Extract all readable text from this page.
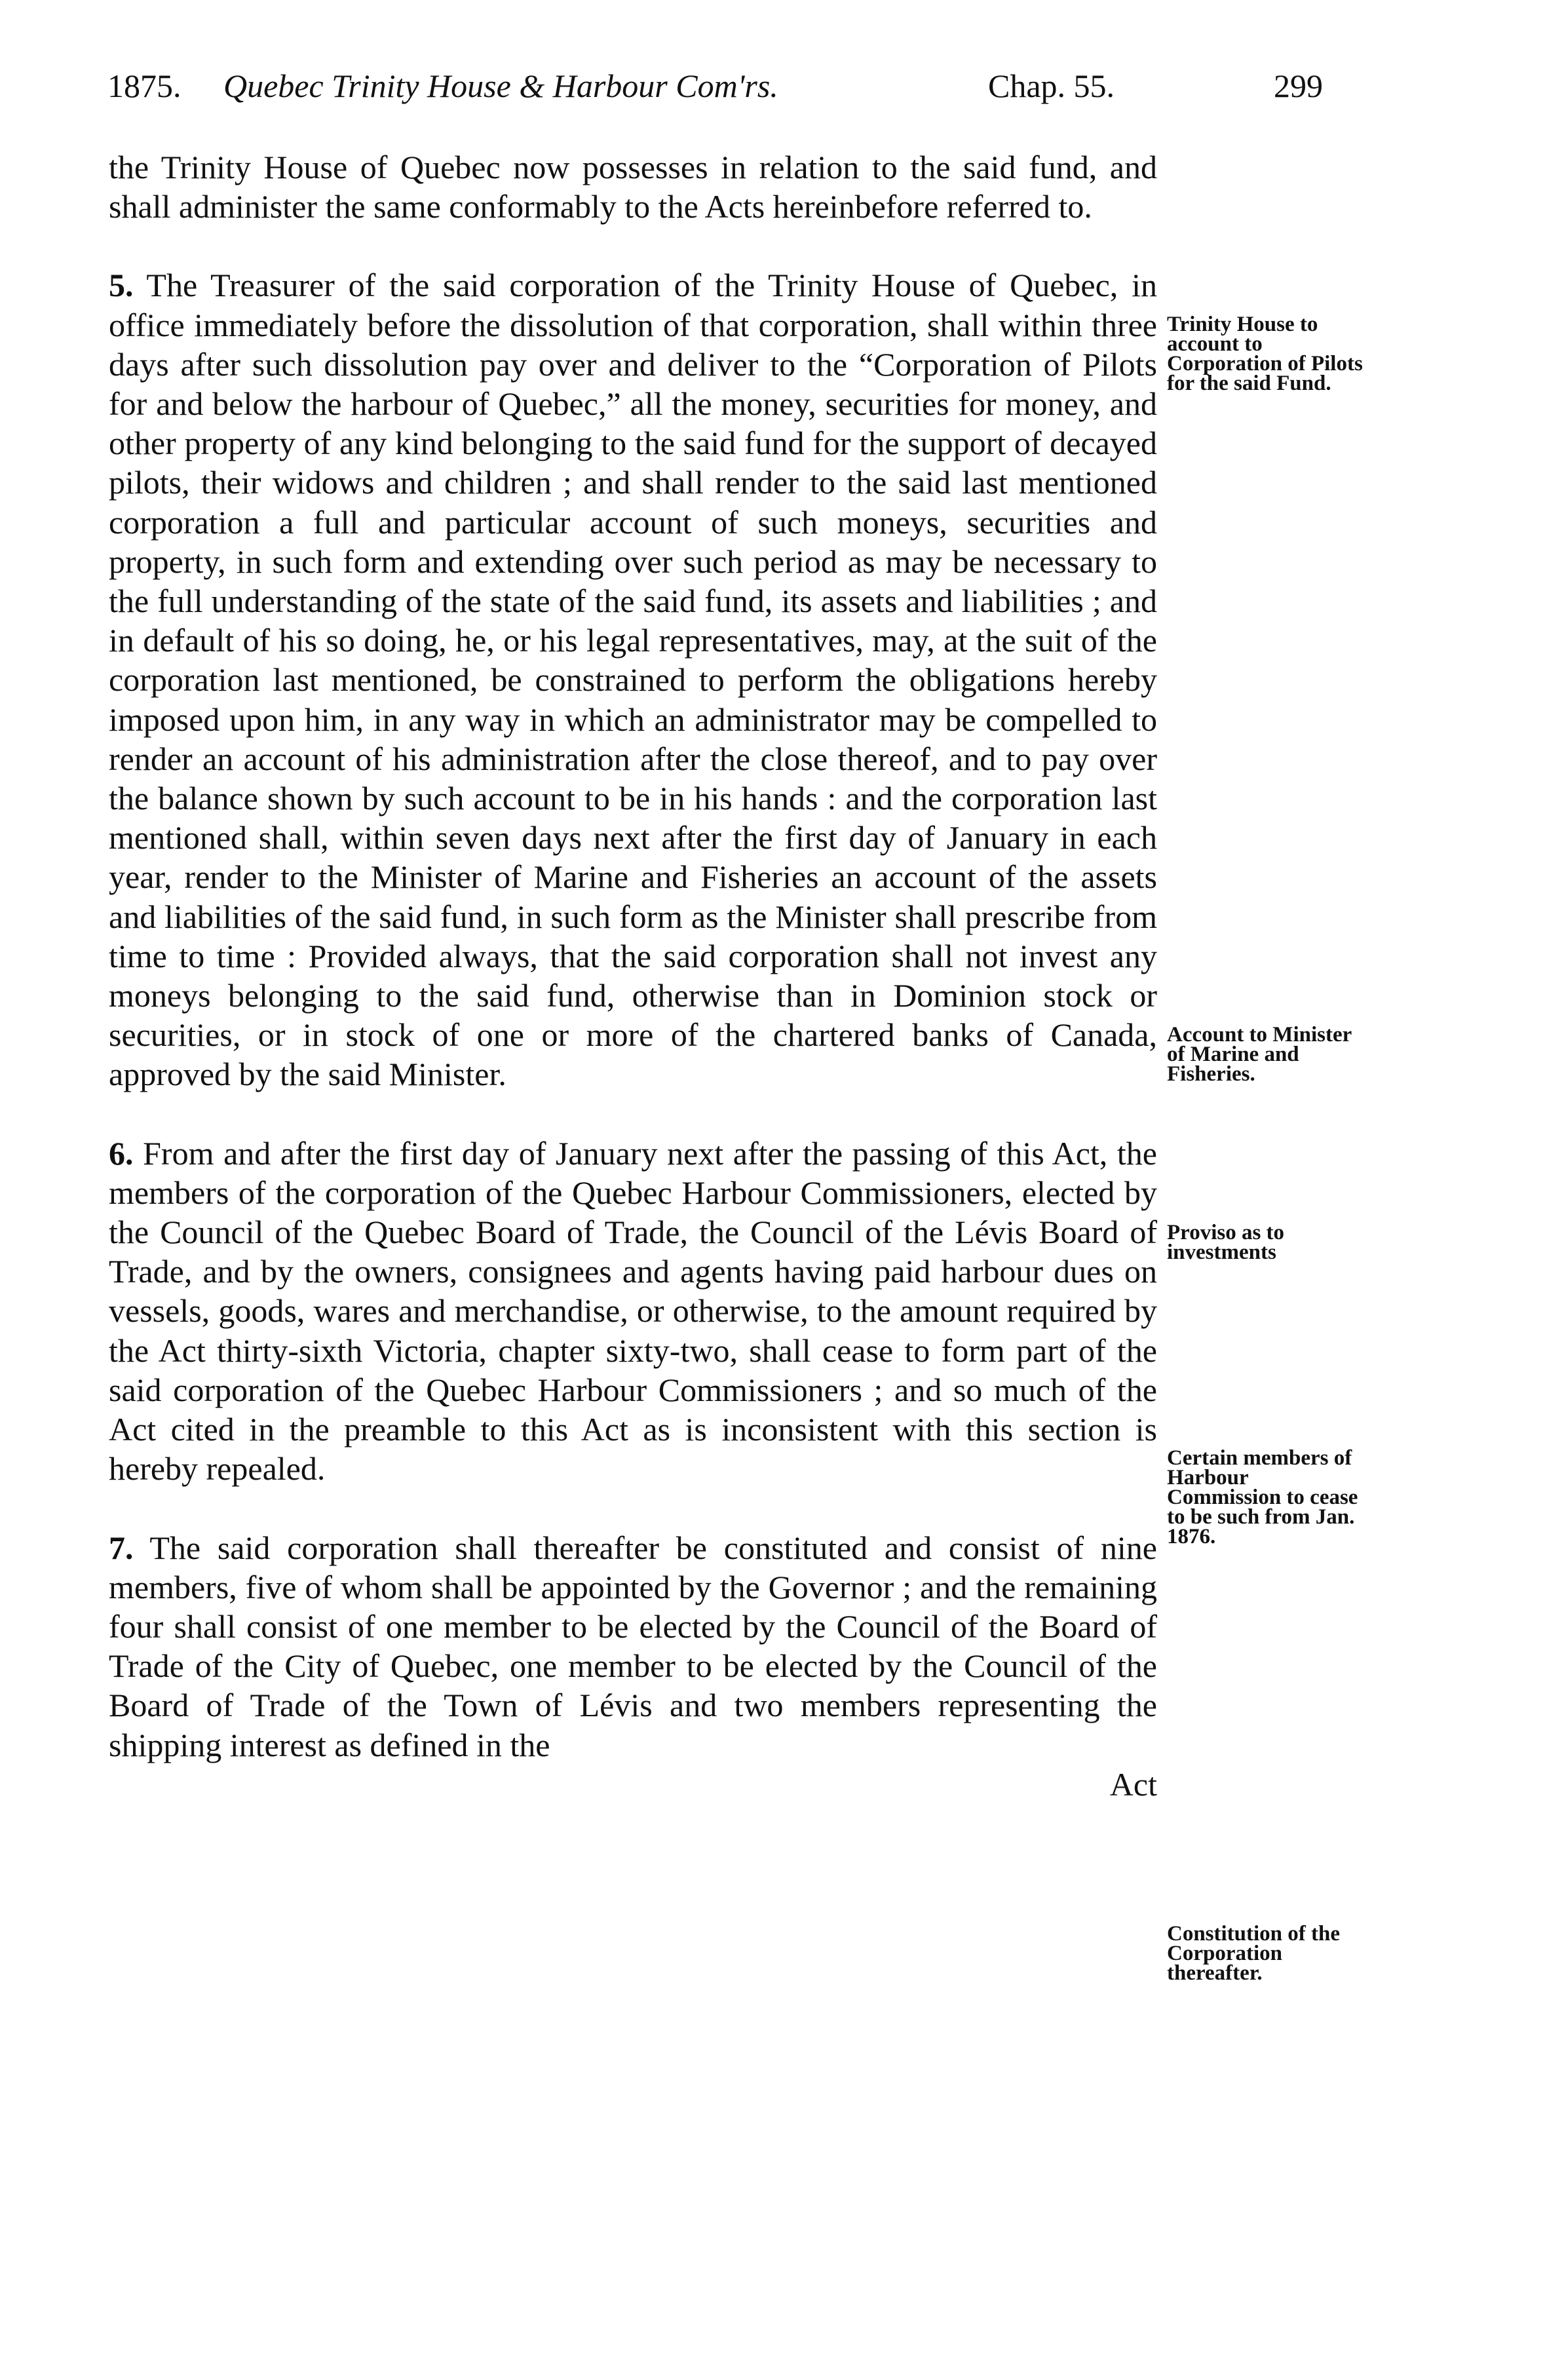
1875. Quebec Trinity House & Harbour Com'rs.	Chap. 55.	299

the Trinity House of Quebec now possesses in relation to the said fund, and shall administer the same conformably to the Acts hereinbefore referred to.

5. The Treasurer of the said corporation of the Trinity House of Quebec, in office immediately before the dissolution of that corporation, shall within three days after such dissolution pay over and deliver to the “Corporation of Pilots for and below the harbour of Quebec,” all the money, securities for money, and other property of any kind belonging to the said fund for the support of decayed pilots, their widows and children ; and shall render to the said last mentioned corporation a full and particular account of such moneys, securities and property, in such form and extending over such period as may be necessary to the full understanding of the state of the said fund, its assets and liabilities ; and in default of his so doing, he, or his legal representatives, may, at the suit of the corporation last mentioned, be constrained to perform the obligations hereby imposed upon him, in any way in which an administrator may be compelled to render an account of his administration after the close thereof, and to pay over the balance shown by such account to be in his hands : and the corporation last mentioned shall, within seven days next after the first day of January in each year, render to the Minister of Marine and Fisheries an account of the assets and liabilities of the said fund, in such form as the Minister shall prescribe from time to time : Provided always, that the said corporation shall not invest any moneys belonging to the said fund, otherwise than in Dominion stock or securities, or in stock of one or more of the chartered banks of Canada, approved by the said Minister.

6. From and after the first day of January next after the passing of this Act, the members of the corporation of the Quebec Harbour Commissioners, elected by the Council of the Quebec Board of Trade, the Council of the Lévis Board of Trade, and by the owners, consignees and agents having paid harbour dues on vessels, goods, wares and merchandise, or otherwise, to the amount required by the Act thirty-sixth Victoria, chapter sixty-two, shall cease to form part of the said corporation of the Quebec Harbour Commissioners ; and so much of the Act cited in the preamble to this Act as is inconsistent with this section is hereby repealed.

7. The said corporation shall thereafter be constituted and consist of nine members, five of whom shall be appointed by the Governor ; and the remaining four shall consist of one member to be elected by the Council of the Board of Trade of the City of Quebec, one member to be elected by the Council of the Board of Trade of the Town of Lévis and two members representing the shipping interest as defined in the

Act
Trinity House to account to Corporation of Pilots for the said Fund.
Account to Minister of Marine and Fisheries.
Proviso as to investments
Certain members of Harbour Commission to cease to be such from Jan. 1876.
Constitution of the Corporation thereafter.
